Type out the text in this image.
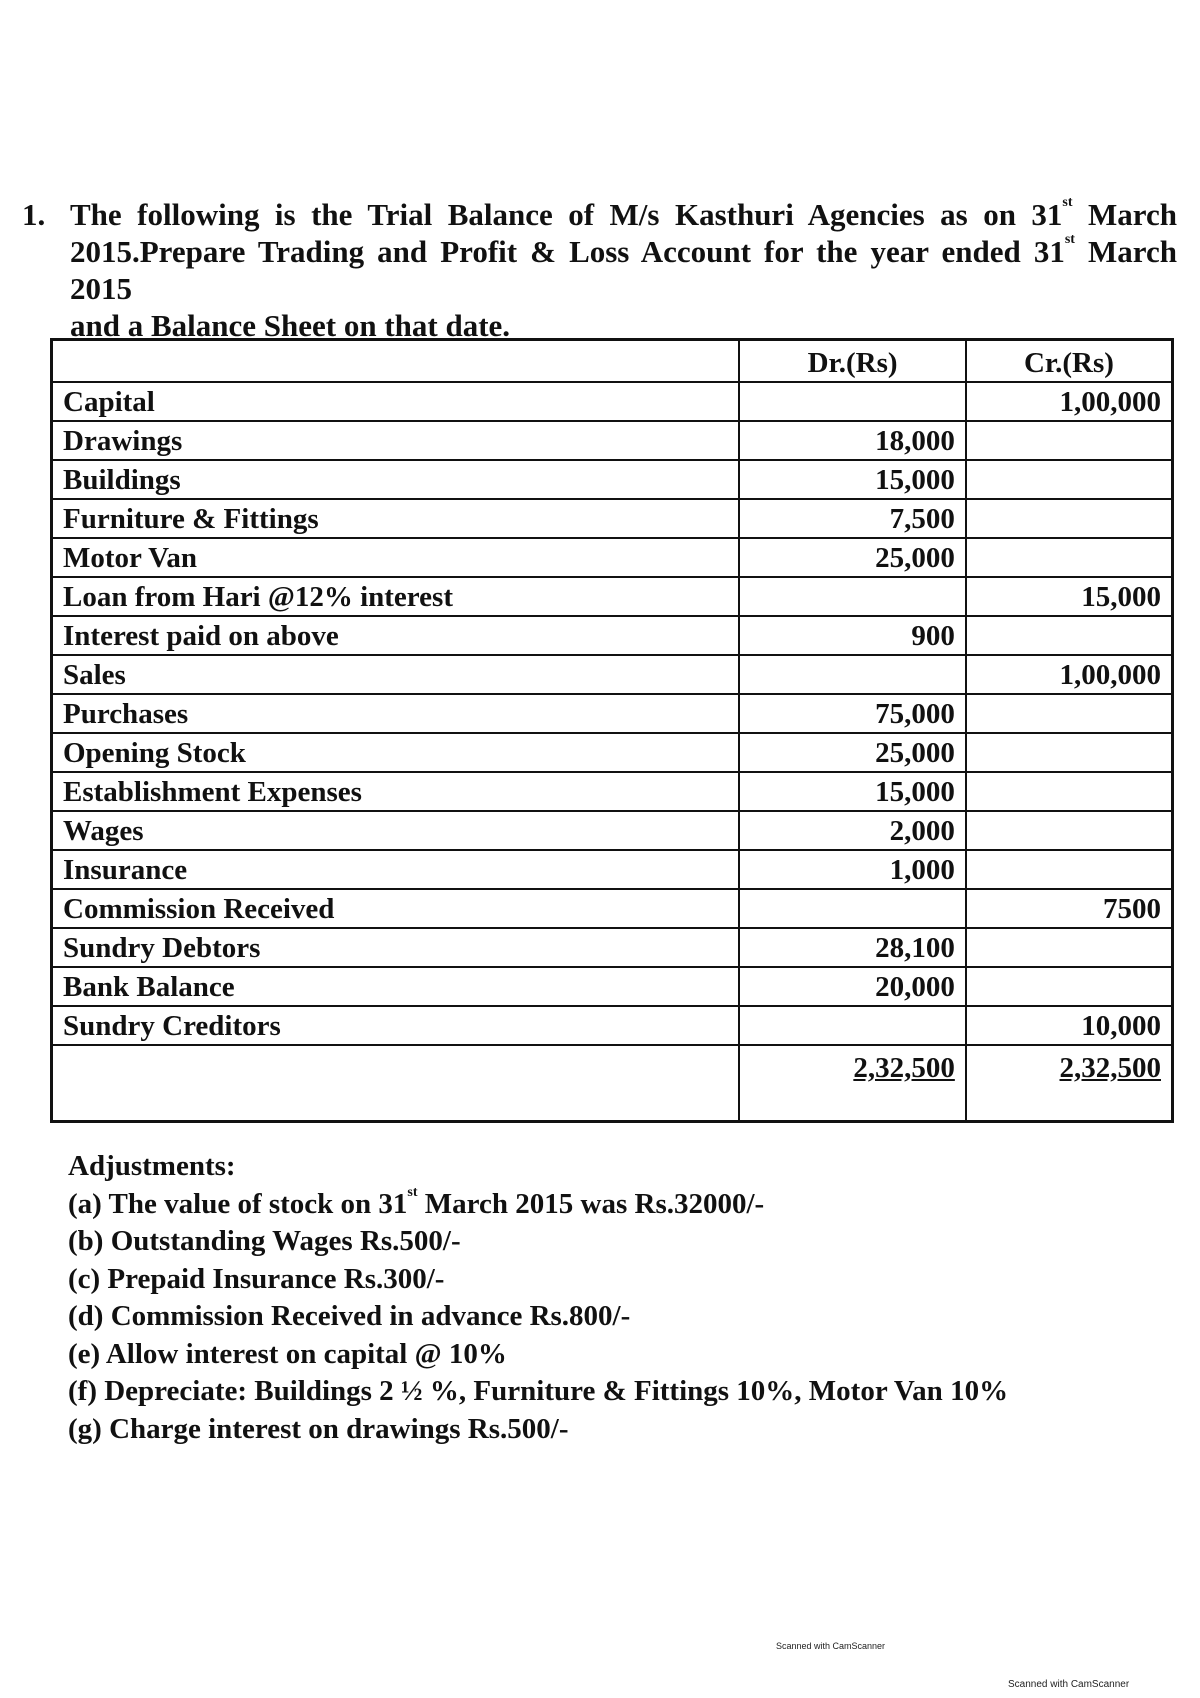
1. The following is the Trial Balance of M/s Kasthuri Agencies as on 31st March
2015.Prepare Trading and Profit & Loss Account for the year ended 31st March 2015
and a Balance Sheet on that date.
	Dr.(Rs)	Cr.(Rs)
Capital		1,00,000
Drawings	18,000	
Buildings	15,000	
Furniture & Fittings	7,500	
Motor Van	25,000	
Loan from Hari @12% interest		15,000
Interest paid on above	900	
Sales		1,00,000
Purchases	75,000	
Opening Stock	25,000	
Establishment Expenses	15,000	
Wages	2,000	
Insurance	1,000	
Commission Received		7500
Sundry Debtors	28,100	
Bank Balance	20,000	
Sundry Creditors		10,000
	2,32,500	2,32,500
Adjustments:
(a) The value of stock on 31st March 2015 was Rs.32000/-
(b) Outstanding Wages Rs.500/-
(c) Prepaid Insurance Rs.300/-
(d) Commission Received in advance Rs.800/-
(e) Allow interest on capital @ 10%
(f) Depreciate: Buildings 2 ½ %, Furniture & Fittings 10%, Motor Van 10%
(g) Charge interest on drawings Rs.500/-
Scanned with CamScanner
Scanned with CamScanner
